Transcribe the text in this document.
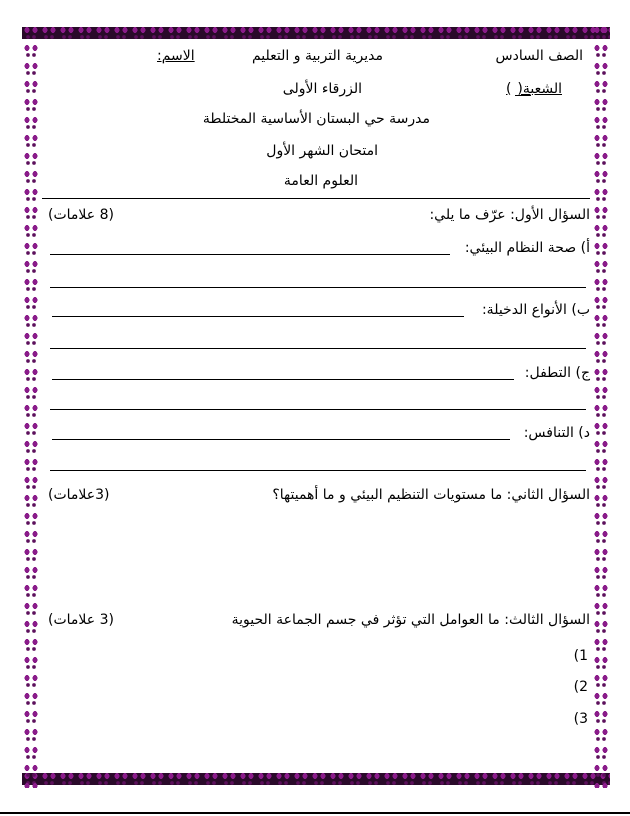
الصف السادس
مديرية التربية و التعليم
الاسم:
الشعبة(
)
الزرقاء الأولى
مدرسة حي البستان الأساسية المختلطة
امتحان الشهر الأول
العلوم العامة
السؤال الأول: عرّف ما يلي:
(8 علامات)
أ) صحة النظام البيئي:
ب) الأنواع الدخيلة:
ج) التطفل:
د) التنافس:
السؤال الثاني: ما مستويات التنظيم البيئي و ما أهميتها؟
(3علامات)
السؤال الثالث: ما العوامل التي تؤثر في جسم الجماعة الحيوية
(3 علامات)
1)
2)
3)
